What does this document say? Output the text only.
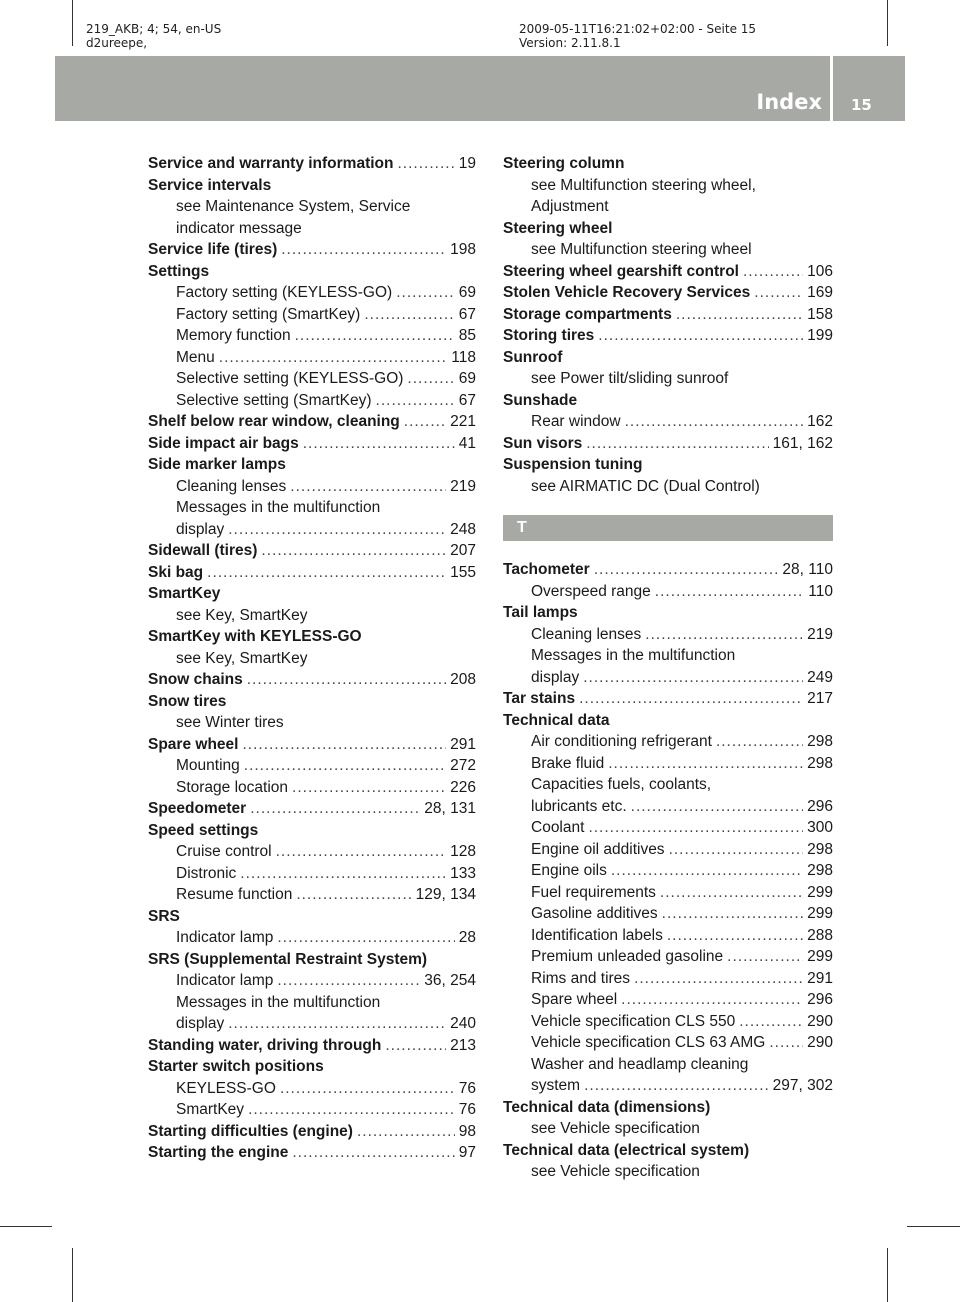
219_AKB; 4; 54, en-US
d2ureepe,
2009-05-11T16:21:02+02:00 - Seite 15
Version: 2.11.8.1
Index 15
Service and warranty information .....	19
Service intervals
see Maintenance System, Service
indicator message
Service life (tires) .....	198
Settings
Factory setting (KEYLESS-GO) .....	69
Factory setting (SmartKey) .....	67
Memory function .....	85
Menu .....	118
Selective setting (KEYLESS-GO) .....	69
Selective setting (SmartKey) .....	67
Shelf below rear window, cleaning .....	221
Side impact air bags .....	41
Side marker lamps
Cleaning lenses .....	219
Messages in the multifunction
display .....	248
Sidewall (tires) .....	207
Ski bag .....	155
SmartKey
see Key, SmartKey
SmartKey with KEYLESS-GO
see Key, SmartKey
Snow chains .....	208
Snow tires
see Winter tires
Spare wheel .....	291
Mounting .....	272
Storage location .....	226
Speedometer .....	28, 131
Speed settings
Cruise control .....	128
Distronic .....	133
Resume function .....	129, 134
SRS
Indicator lamp .....	28
SRS (Supplemental Restraint System)
Indicator lamp .....	36, 254
Messages in the multifunction
display .....	240
Standing water, driving through .....	213
Starter switch positions
KEYLESS-GO .....	76
SmartKey .....	76
Starting difficulties (engine) .....	98
Starting the engine .....	97
Steering column
see Multifunction steering wheel,
Adjustment
Steering wheel
see Multifunction steering wheel
Steering wheel gearshift control .....	106
Stolen Vehicle Recovery Services .....	169
Storage compartments .....	158
Storing tires .....	199
Sunroof
see Power tilt/sliding sunroof
Sunshade
Rear window .....	162
Sun visors .....	161, 162
Suspension tuning
see AIRMATIC DC (Dual Control)
T
Tachometer .....	28, 110
Overspeed range .....	110
Tail lamps
Cleaning lenses .....	219
Messages in the multifunction
display .....	249
Tar stains .....	217
Technical data
Air conditioning refrigerant .....	298
Brake fluid .....	298
Capacities fuels, coolants,
lubricants etc. .....	296
Coolant .....	300
Engine oil additives .....	298
Engine oils .....	298
Fuel requirements .....	299
Gasoline additives .....	299
Identification labels .....	288
Premium unleaded gasoline .....	299
Rims and tires .....	291
Spare wheel .....	296
Vehicle specification CLS 550 .....	290
Vehicle specification CLS 63 AMG .....	290
Washer and headlamp cleaning
system .....	297, 302
Technical data (dimensions)
see Vehicle specification
Technical data (electrical system)
see Vehicle specification
